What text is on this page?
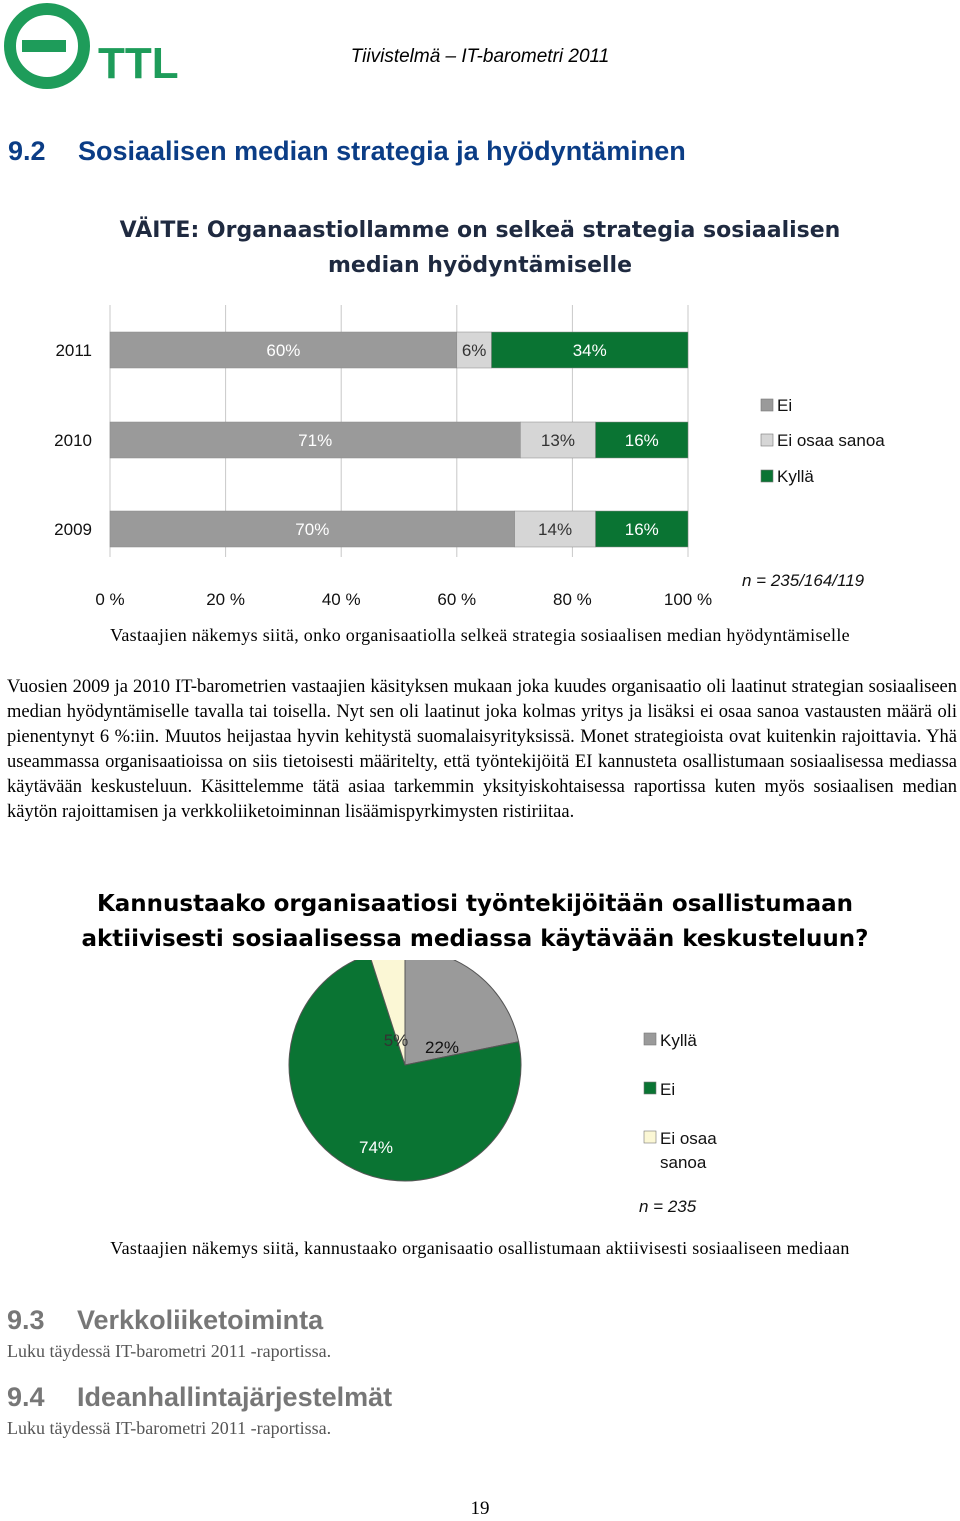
TTL	Tiivistelmä – IT-barometri 2011
9.2 Sosiaalisen median strategia ja hyödyntäminen
VÄITE: Organaastiollamme on selkeä strategia sosiaalisen
median hyödyntämiselle
0 %	20 %	40 %	60 %	80 %	100 %
2011	60%	6%	34%
2010	71%	13%	16%
2009	70%	14%	16%
Ei
Ei osaa sanoa
Kyllä
n = 235/164/119
Vastaajien näkemys siitä, onko organisaatiolla selkeä strategia sosiaalisen median hyödyntämiselle
Vuosien 2009 ja 2010 IT-barometrien vastaajien käsityksen mukaan joka kuudes organisaatio oli laatinut strategian sosiaaliseen median hyödyntämiselle tavalla tai toisella. Nyt sen oli laatinut joka kolmas yritys ja lisäksi ei osaa sanoa vastausten määrä oli pienentynyt 6 %:iin. Muutos heijastaa hyvin kehitystä suomalaisyrityksissä. Monet strategioista ovat kuitenkin rajoittavia. Yhä useammassa organisaatioissa on siis tietoisesti määritelty, että työntekijöitä EI kannusteta osallistumaan sosiaalisessa mediassa käytävään keskusteluun. Käsittelemme tätä asiaa tarkemmin yksityiskohtaisessa raportissa kuten myös sosiaalisen median käytön rajoittamisen ja verkkoliiketoiminnan lisäämispyrkimysten ristiriitaa.
Kannustaako organisaatiosi työntekijöitään osallistumaan
aktiivisesti sosiaalisessa mediassa käytävään keskusteluun?
22%
74%
5%	Kyllä
Ei
Ei osaa sanoa
n = 235
Vastaajien näkemys siitä, kannustaako organisaatio osallistumaan aktiivisesti sosiaaliseen mediaan
9.3 Verkkoliiketoiminta
Luku täydessä IT-barometri 2011 -raportissa.
9.4 Ideanhallintajärjestelmät
Luku täydessä IT-barometri 2011 -raportissa.
19
